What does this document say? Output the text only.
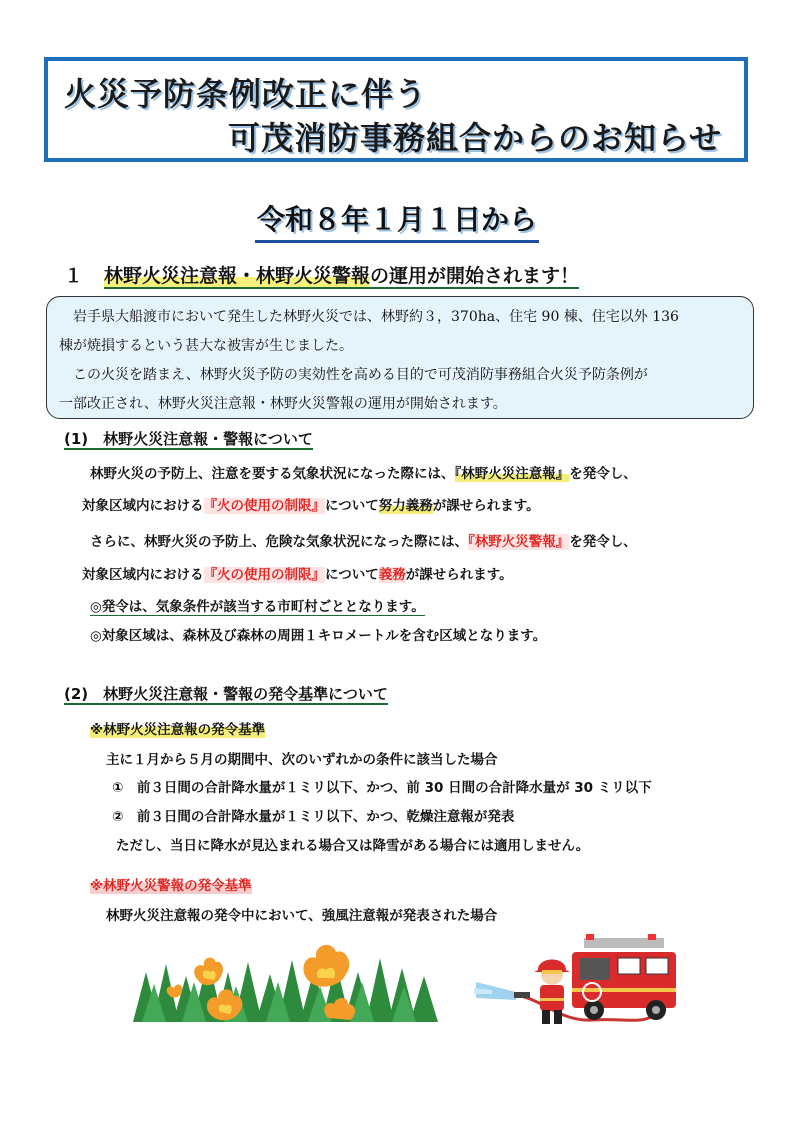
火災予防条例改正に伴う
可茂消防事務組合からのお知らせ
令和８年１月１日から
１ 林野火災注意報・林野火災警報の運用が開始されます！

　岩手県大船渡市において発生した林野火災では、林野約３，370ha、住宅 90 棟、住宅以外 136

棟が焼損するという甚大な被害が生じました。

　この火災を踏まえ、林野火災予防の実効性を高める目的で可茂消防事務組合火災予防条例が

一部改正され、林野火災注意報・林野火災警報の運用が開始されます。

(1)　林野火災注意報・警報について
林野火災の予防上、注意を要する気象状況になった際には、『林野火災注意報』を発令し、
対象区域内における『火の使用の制限』について努力義務が課せられます。
さらに、林野火災の予防上、危険な気象状況になった際には、『林野火災警報』を発令し、
対象区域内における『火の使用の制限』について義務が課せられます。
◎発令は、気象条件が該当する市町村ごととなります。
◎対象区域は、森林及び森林の周囲１キロメートルを含む区域となります。
(2)　林野火災注意報・警報の発令基準について
※林野火災注意報の発令基準
主に１月から５月の期間中、次のいずれかの条件に該当した場合
①　前３日間の合計降水量が１ミリ以下、かつ、前 30 日間の合計降水量が 30 ミリ以下
②　前３日間の合計降水量が１ミリ以下、かつ、乾燥注意報が発表
ただし、当日に降水が見込まれる場合又は降雪がある場合には適用しません。
※林野火災警報の発令基準
林野火災注意報の発令中において、強風注意報が発表された場合
